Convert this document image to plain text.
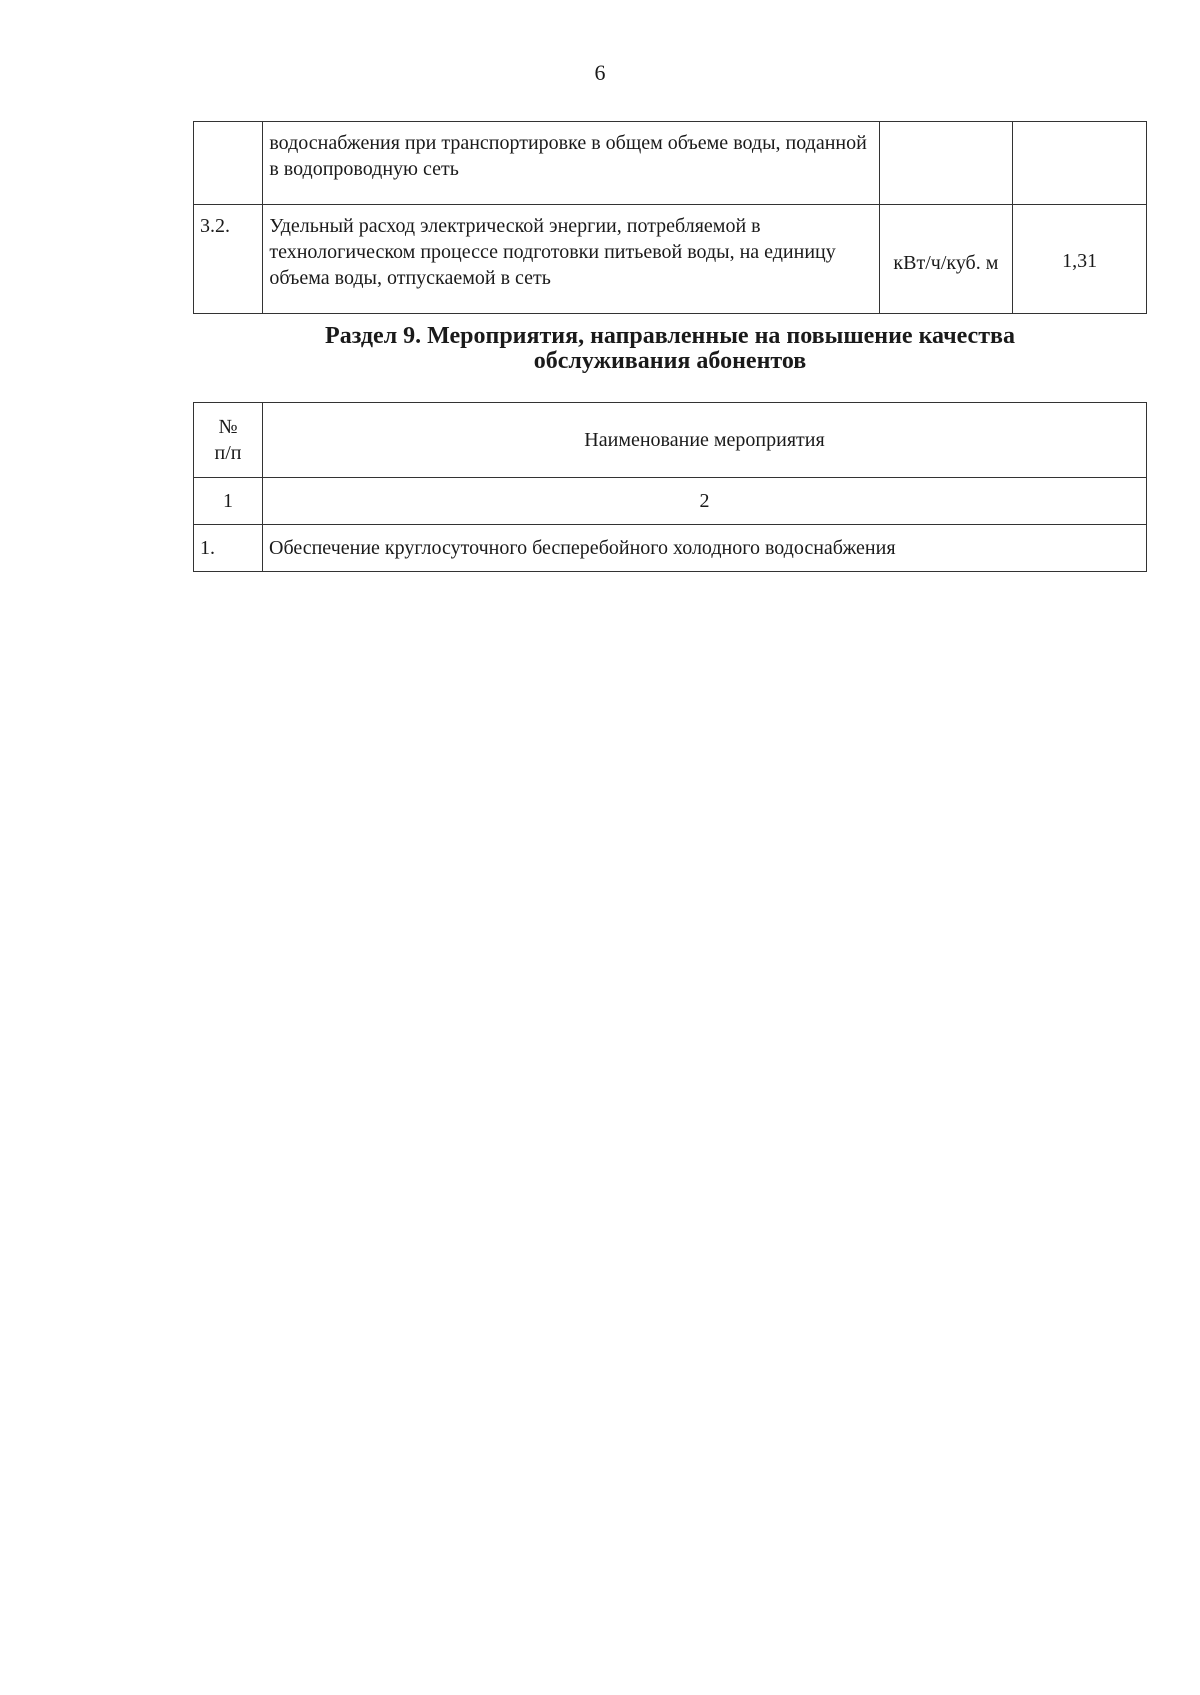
6
	водоснабжения при транспортировке в общем объеме воды, поданной в водопроводную сеть		
3.2.	Удельный расход электрической энергии, потребляемой в технологическом процессе подготовки питьевой воды, на единицу объема воды, отпускаемой в сеть	кВт/ч/куб. м	1,31
Раздел 9. Мероприятия, направленные на повышение качества
обслуживания абонентов
№
п/п	Наименование мероприятия
1	2
1.	Обеспечение круглосуточного бесперебойного холодного водоснабжения
